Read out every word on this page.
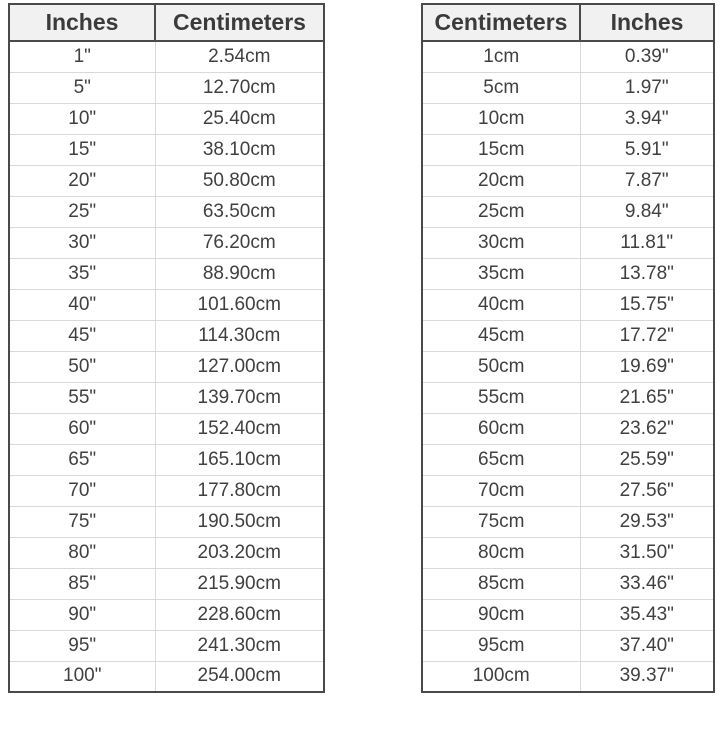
Inches	Centimeters
1"	2.54cm
5"	12.70cm
10"	25.40cm
15"	38.10cm
20"	50.80cm
25"	63.50cm
30"	76.20cm
35"	88.90cm
40"	101.60cm
45"	114.30cm
50"	127.00cm
55"	139.70cm
60"	152.40cm
65"	165.10cm
70"	177.80cm
75"	190.50cm
80"	203.20cm
85"	215.90cm
90"	228.60cm
95"	241.30cm
100"	254.00cm
Centimeters	Inches
1cm	0.39"
5cm	1.97"
10cm	3.94"
15cm	5.91"
20cm	7.87"
25cm	9.84"
30cm	11.81"
35cm	13.78"
40cm	15.75"
45cm	17.72"
50cm	19.69"
55cm	21.65"
60cm	23.62"
65cm	25.59"
70cm	27.56"
75cm	29.53"
80cm	31.50"
85cm	33.46"
90cm	35.43"
95cm	37.40"
100cm	39.37"
